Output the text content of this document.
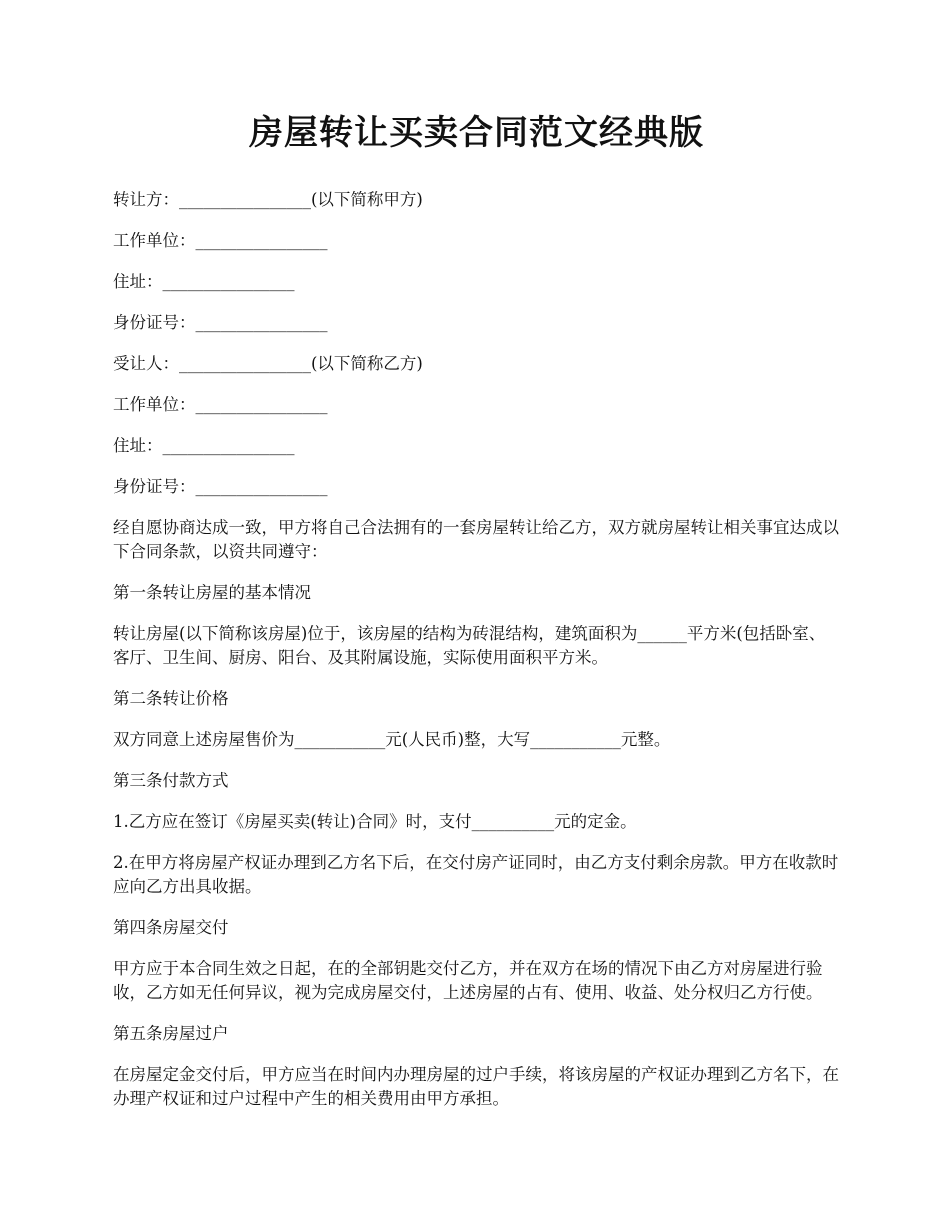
房屋转让买卖合同范文经典版

转让方：________________(以下简称甲方)

工作单位：________________

住址：________________

身份证号：________________

受让人：________________(以下简称乙方)

工作单位：________________

住址：________________

身份证号：________________

经自愿协商达成一致，甲方将自己合法拥有的一套房屋转让给乙方，双方就房屋转让相关事宜达成以下合同条款，以资共同遵守：

第一条转让房屋的基本情况

转让房屋(以下简称该房屋)位于，该房屋的结构为砖混结构，建筑面积为______平方米(包括卧室、客厅、卫生间、厨房、阳台、及其附属设施，实际使用面积平方米。

第二条转让价格

双方同意上述房屋售价为___________元(人民币)整，大写___________元整。

第三条付款方式

1.乙方应在签订《房屋买卖(转让)合同》时，支付__________元的定金。

2.在甲方将房屋产权证办理到乙方名下后，在交付房产证同时，由乙方支付剩余房款。甲方在收款时应向乙方出具收据。

第四条房屋交付

甲方应于本合同生效之日起，在的全部钥匙交付乙方，并在双方在场的情况下由乙方对房屋进行验收，乙方如无任何异议，视为完成房屋交付，上述房屋的占有、使用、收益、处分权归乙方行使。

第五条房屋过户

在房屋定金交付后，甲方应当在时间内办理房屋的过户手续，将该房屋的产权证办理到乙方名下，在办理产权证和过户过程中产生的相关费用由甲方承担。
